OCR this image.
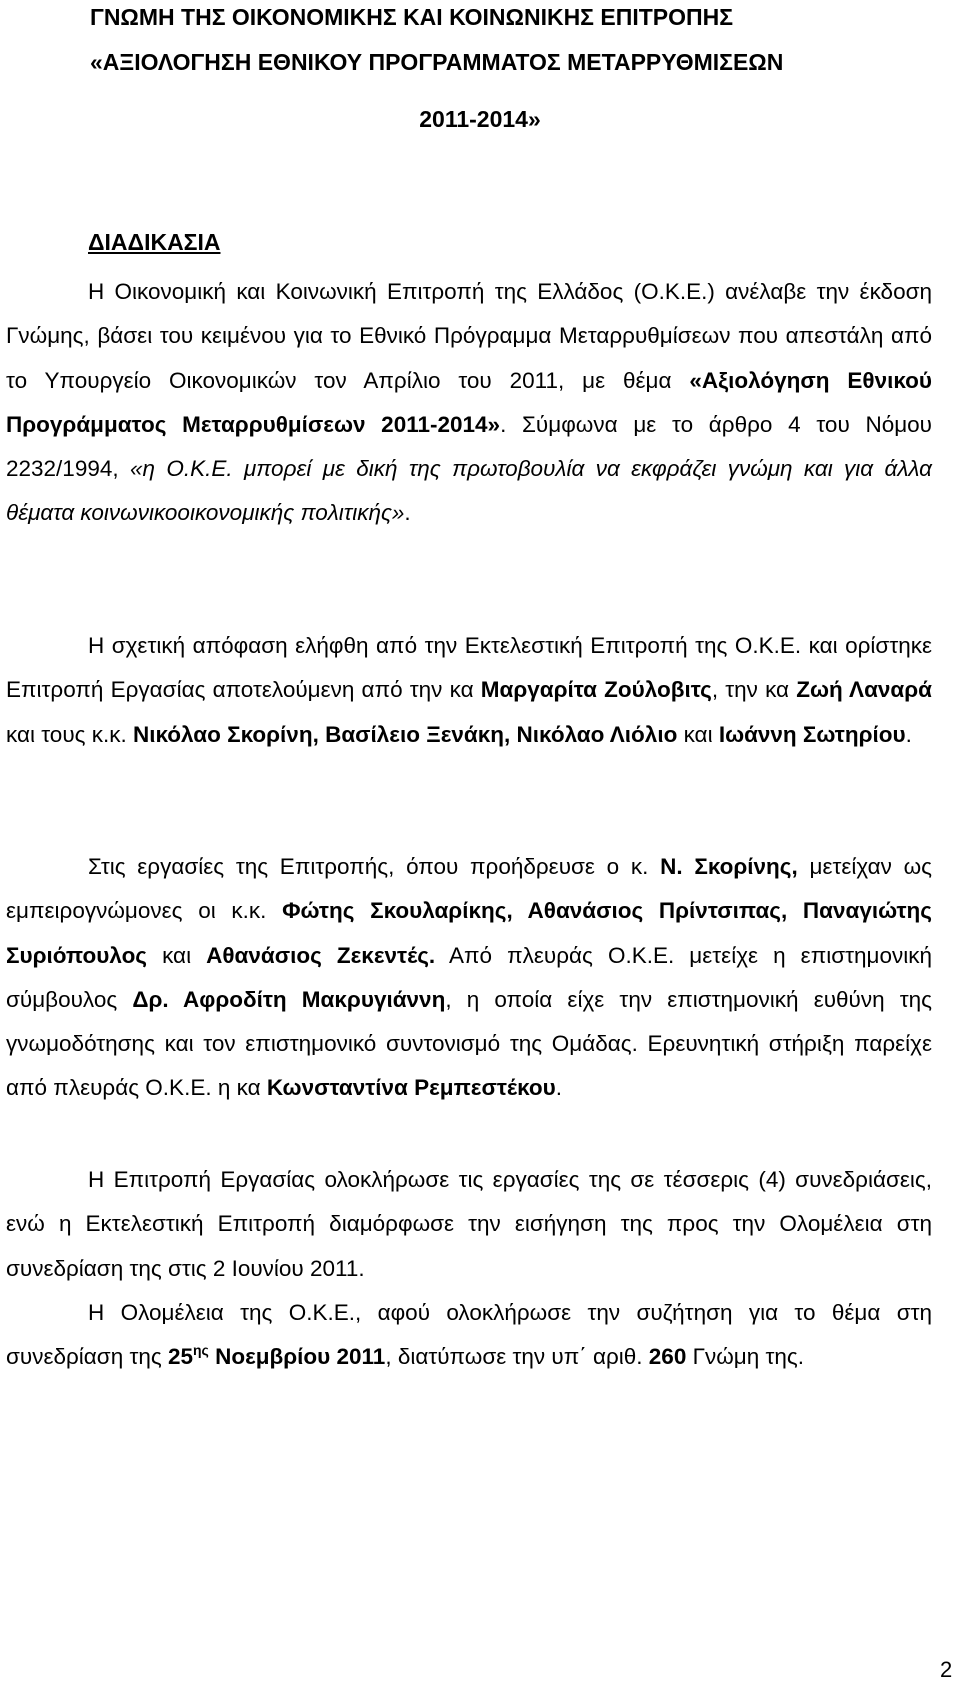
ΓΝΩΜΗ ΤΗΣ ΟΙΚΟΝΟΜΙΚΗΣ ΚΑΙ ΚΟΙΝΩΝΙΚΗΣ ΕΠΙΤΡΟΠΗΣ
«ΑΞΙΟΛΟΓΗΣΗ ΕΘΝΙΚΟΥ ΠΡΟΓΡΑΜΜΑΤΟΣ ΜΕΤΑΡΡΥΘΜΙΣΕΩΝ
2011-2014»
ΔΙΑΔΙΚΑΣΙΑ

Η Οικονομική και Κοινωνική Επιτροπή της Ελλάδος (Ο.Κ.Ε.) ανέλαβε την έκδοση Γνώμης, βάσει του κειμένου για το Εθνικό Πρόγραμμα Μεταρρυθμίσεων που απεστάλη από το Υπουργείο Οικονομικών τον Απρίλιο του 2011, με θέμα «Αξιολόγηση Εθνικού Προγράμματος Μεταρρυθμίσεων 2011-2014». Σύμφωνα με το άρθρο 4 του Νόμου 2232/1994, «η Ο.Κ.Ε. μπορεί με δική της πρωτοβουλία να εκφράζει γνώμη και για άλλα θέματα κοινωνικοοικονομικής πολιτικής».

Η σχετική απόφαση ελήφθη από την Εκτελεστική Επιτροπή της Ο.Κ.Ε. και ορίστηκε Επιτροπή Εργασίας αποτελούμενη από την κα Μαργαρίτα Ζούλοβιτς, την κα Ζωή Λαναρά και τους κ.κ. Νικόλαο Σκορίνη, Βασίλειο Ξενάκη, Νικόλαο Λιόλιο και Ιωάννη Σωτηρίου.

Στις εργασίες της Επιτροπής, όπου προήδρευσε ο κ. Ν. Σκορίνης, μετείχαν ως εμπειρογνώμονες οι κ.κ. Φώτης Σκουλαρίκης, Αθανάσιος Πρίντσιπας, Παναγιώτης Συριόπουλος και Αθανάσιος Ζεκεντές. Από πλευράς Ο.Κ.Ε. μετείχε η επιστημονική σύμβουλος Δρ. Αφροδίτη Μακρυγιάννη, η οποία είχε την επιστημονική ευθύνη της γνωμοδότησης και τον επιστημονικό συντονισμό της Ομάδας. Ερευνητική στήριξη παρείχε από πλευράς Ο.Κ.Ε. η κα Κωνσταντίνα Ρεμπεστέκου.

Η Επιτροπή Εργασίας ολοκλήρωσε τις εργασίες της σε τέσσερις (4) συνεδριάσεις, ενώ η Εκτελεστική Επιτροπή διαμόρφωσε την εισήγηση της προς την Ολομέλεια στη συνεδρίαση της στις 2 Ιουνίου 2011.

Η Ολομέλεια της Ο.Κ.Ε., αφού ολοκλήρωσε την συζήτηση για το θέμα στη συνεδρίαση της $25^{\eta\varsigma}$ Νοεμβρίου 2011, διατύπωσε την υπ΄ αριθ. 260 Γνώμη της.

2
